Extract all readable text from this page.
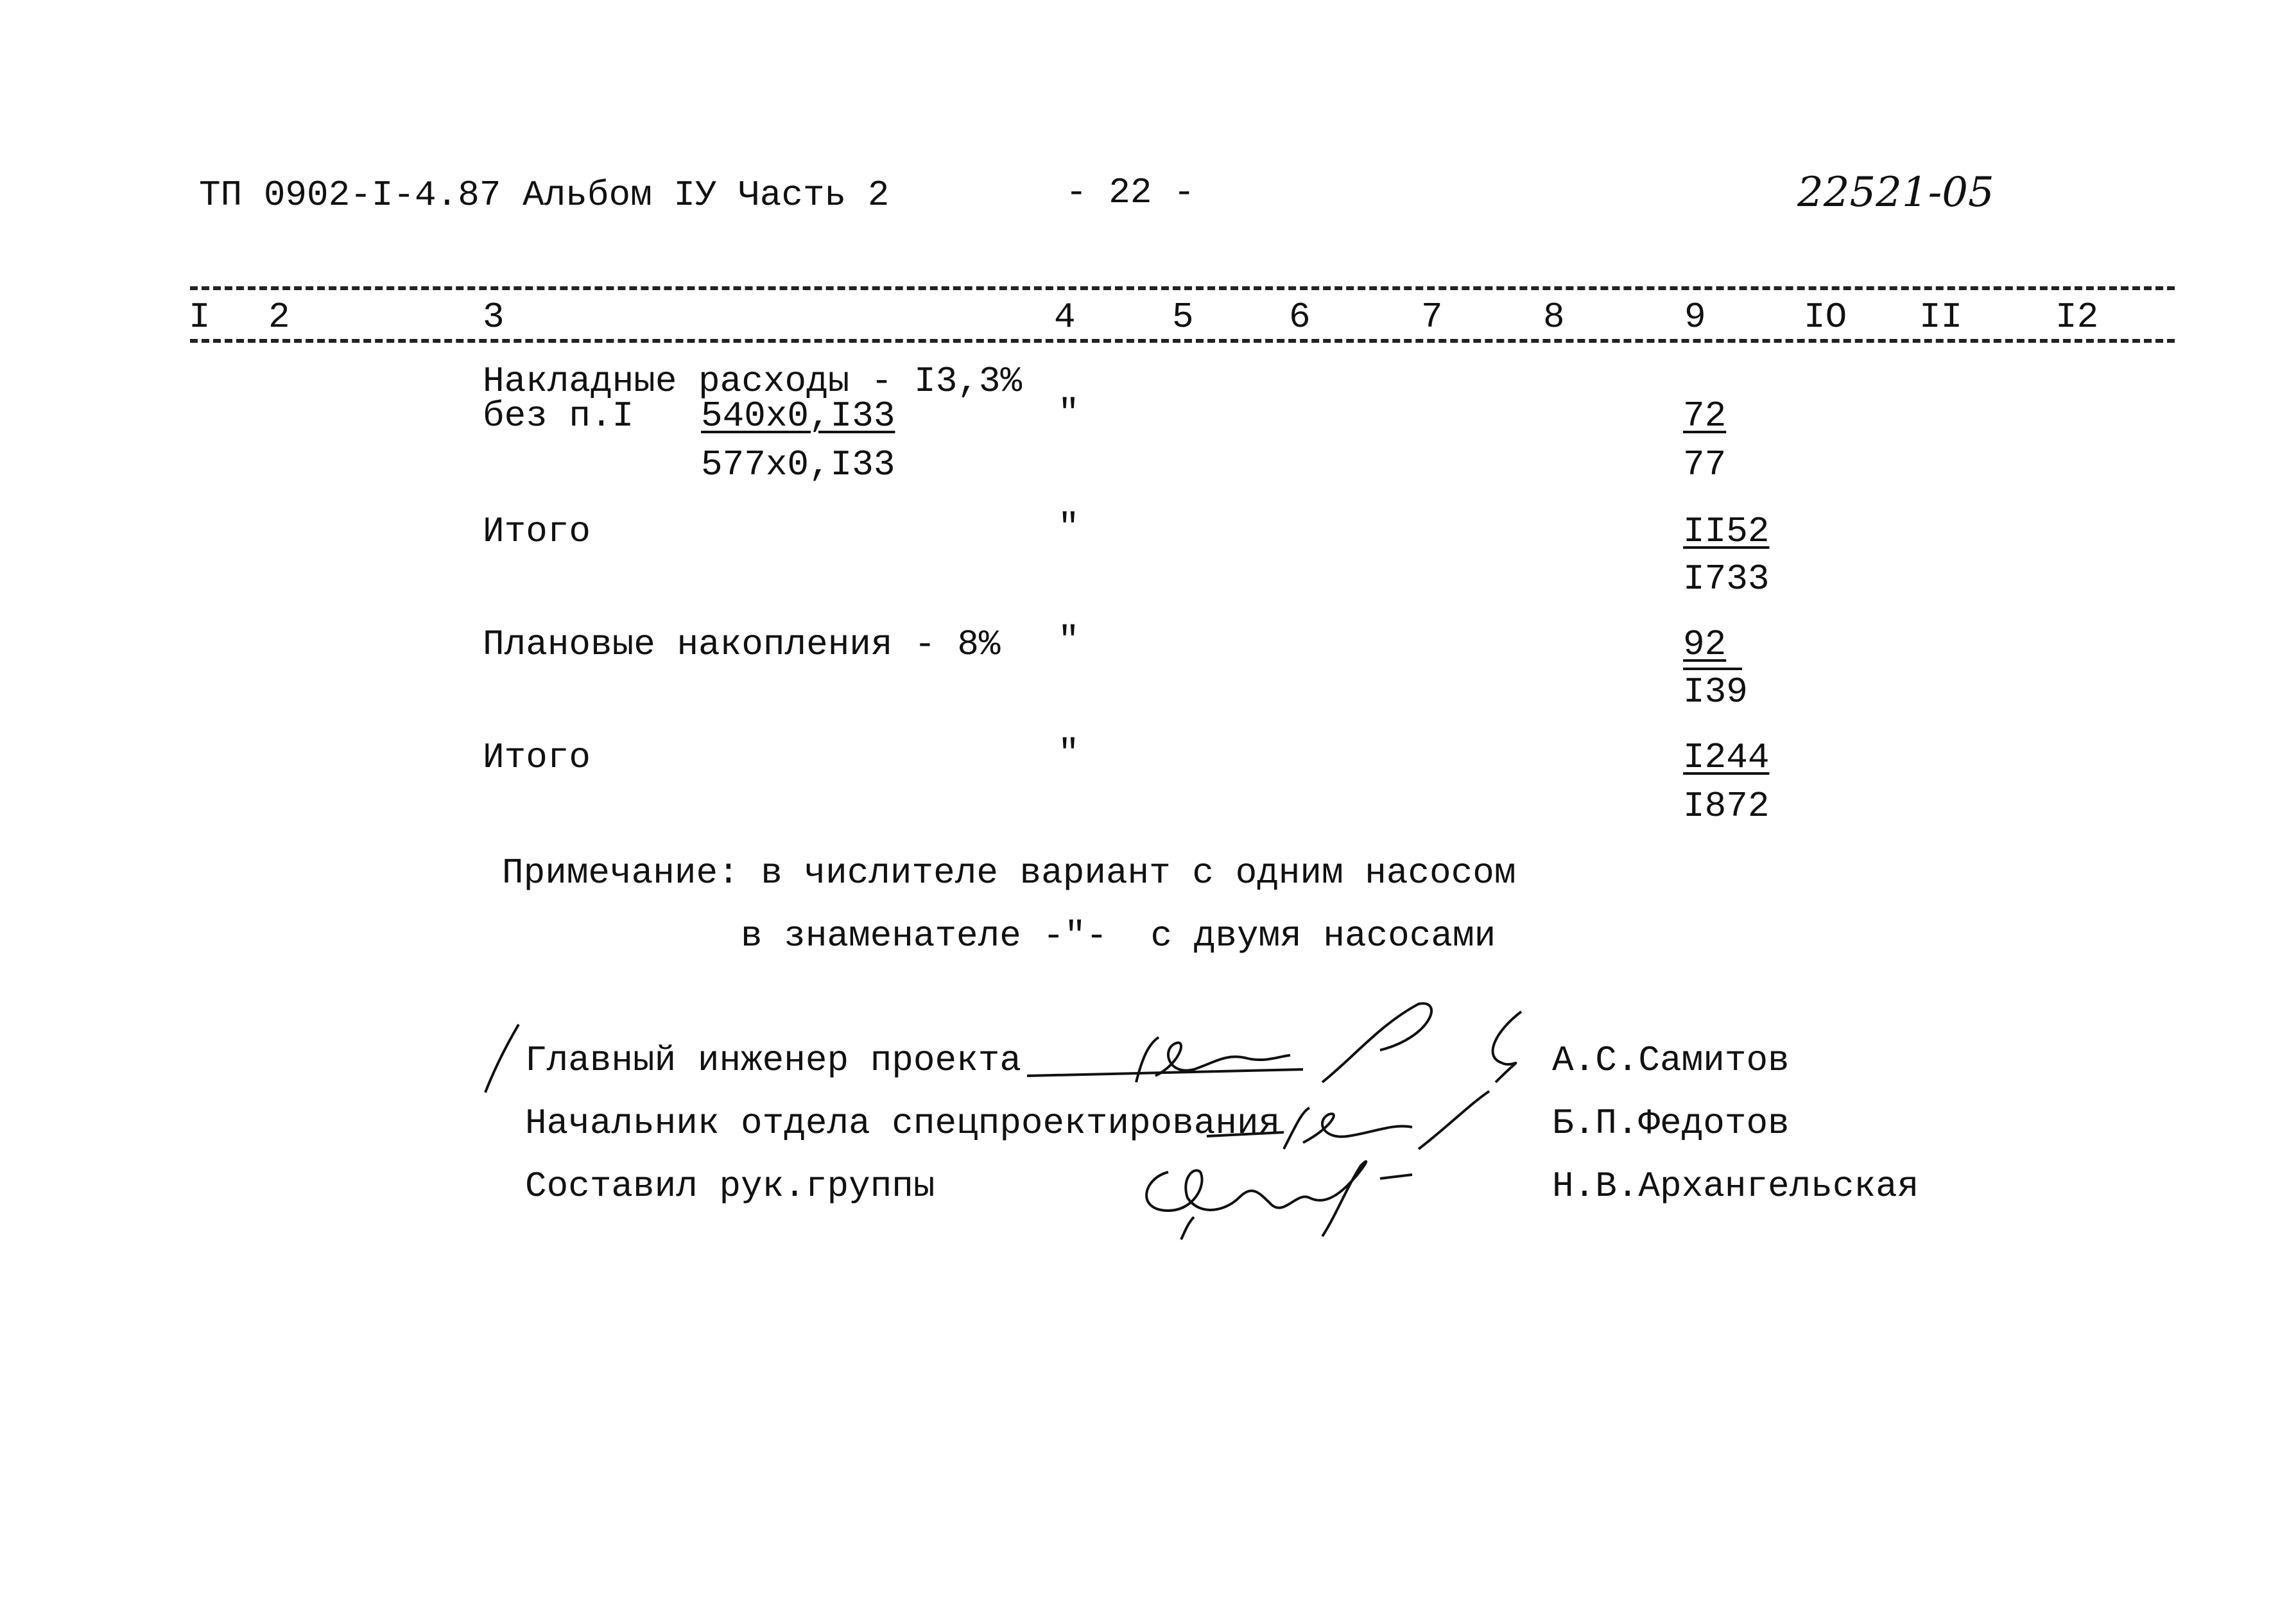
ТП 0902-I-4.87 Альбом IУ Часть 2	- 22 -	22521-05
I 2	3	4	5	6	7	8	9	IO II	I2
Накладные расходы - I3,3%
без п.I 540х0,I33
577х0,I33
"	72
77
Итого	"	II52
I733
Плановые накопления - 8% "	92
I39
Итого	"	I244
I872
Примечание: в числителе вариант с одним насосом
в знаменателе -"-  с двумя насосами
Главный инженер проекта
Начальник отдела спецпроектирования
Составил рук.группы
А.С.Самитов
Б.П.Федотов
Н.В.Архангельская
